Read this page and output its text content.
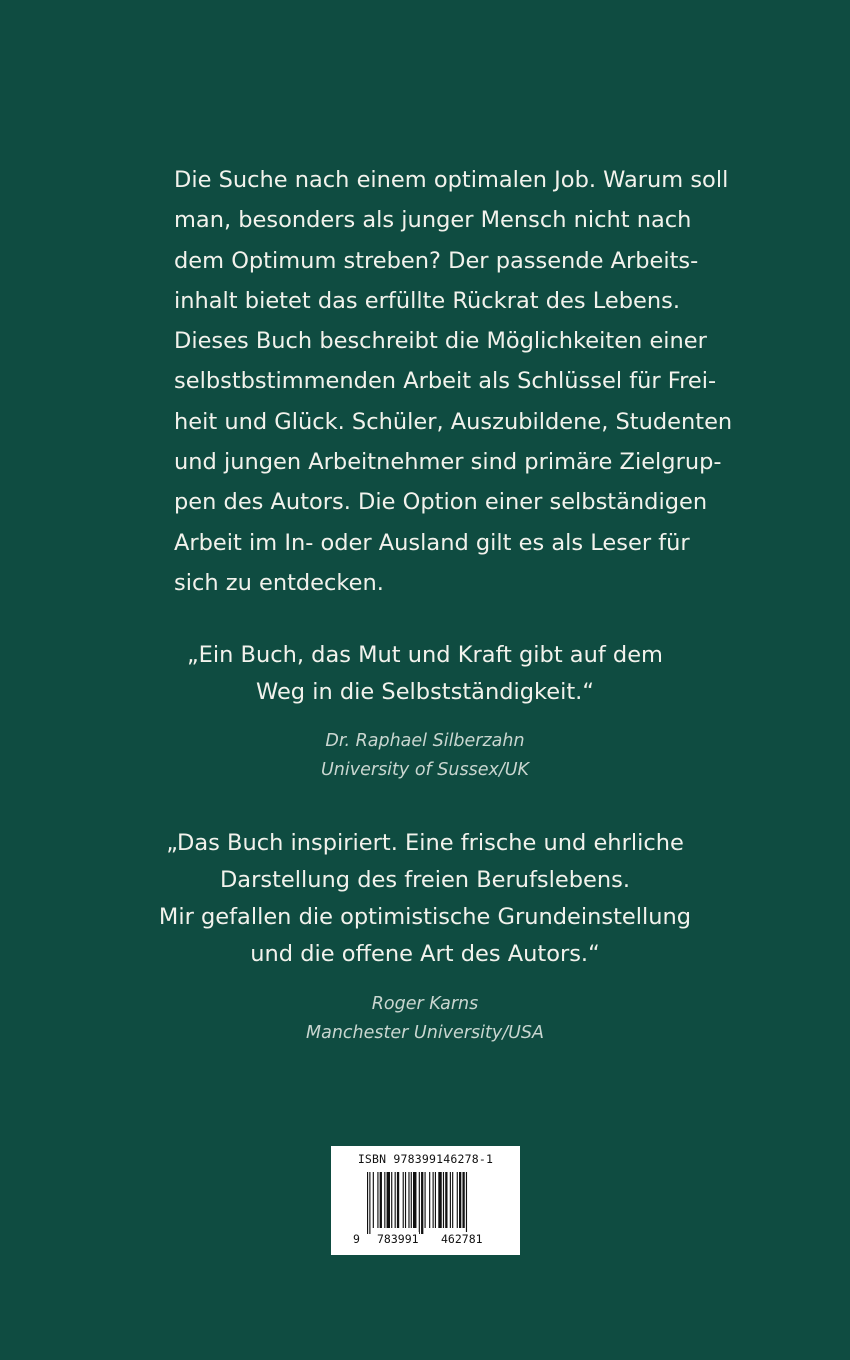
Die Suche nach einem optimalen Job. Warum soll
man, besonders als junger Mensch nicht nach
dem Optimum streben? Der passende Arbeits-
inhalt bietet das erfüllte Rückrat des Lebens.
Dieses Buch beschreibt die Möglichkeiten einer
selbstbstimmenden Arbeit als Schlüssel für Frei-
heit und Glück. Schüler, Auszubildene, Studenten
und jungen Arbeitnehmer sind primäre Zielgrup-
pen des Autors. Die Option einer selbständigen
Arbeit im In- oder Ausland gilt es als Leser für
sich zu entdecken.
„Ein Buch, das Mut und Kraft gibt auf dem
Weg in die Selbstständigkeit.“
Dr. Raphael Silberzahn
University of Sussex/UK
„Das Buch inspiriert. Eine frische und ehrliche
Darstellung des freien Berufslebens.
Mir gefallen die optimistische Grundeinstellung
und die offene Art des Autors.“
Roger Karns
Manchester University/USA
ISBN 978399146278-1
9 783991 462781
